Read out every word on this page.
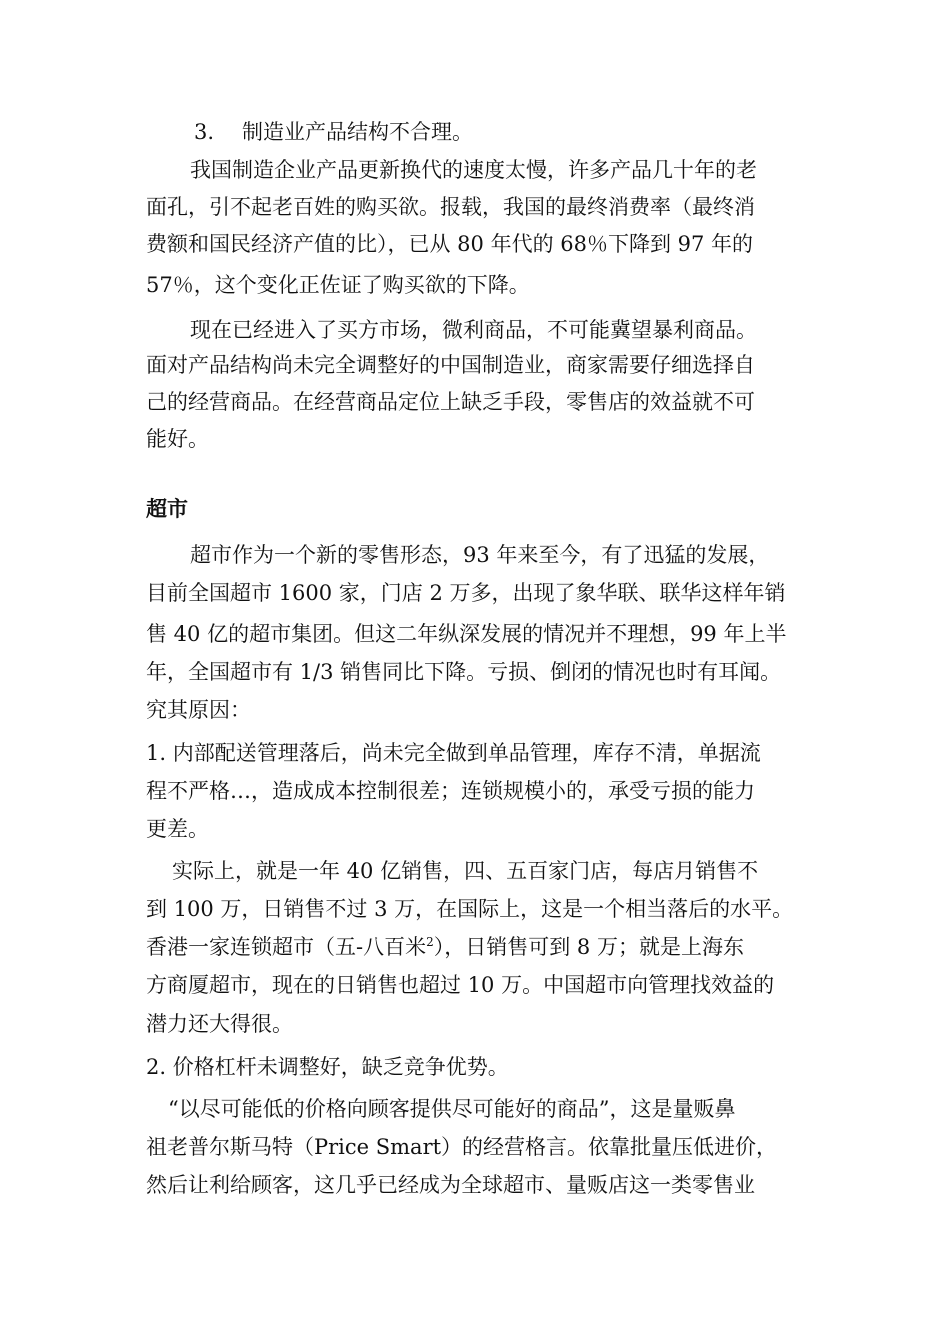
3. 制造业产品结构不合理。
我国制造企业产品更新换代的速度太慢，许多产品几十年的老
面孔，引不起老百姓的购买欲。报载，我国的最终消费率（最终消
费额和国民经济产值的比），已从 80 年代的 68％下降到 97 年的
57％，这个变化正佐证了购买欲的下降。
现在已经进入了买方市场，微利商品，不可能冀望暴利商品。
面对产品结构尚未完全调整好的中国制造业，商家需要仔细选择自
己的经营商品。在经营商品定位上缺乏手段，零售店的效益就不可
能好。
超市
超市作为一个新的零售形态，93 年来至今，有了迅猛的发展，
目前全国超市 1600 家，门店 2 万多，出现了象华联、联华这样年销
售 40 亿的超市集团。但这二年纵深发展的情况并不理想，99 年上半
年，全国超市有 1/3 销售同比下降。亏损、倒闭的情况也时有耳闻。
究其原因：
1. 内部配送管理落后，尚未完全做到单品管理，库存不清，单据流
程不严格…，造成成本控制很差；连锁规模小的，承受亏损的能力
更差。
实际上，就是一年 40 亿销售，四、五百家门店，每店月销售不
到 100 万，日销售不过 3 万，在国际上，这是一个相当落后的水平。
香港一家连锁超市（五-八百米$^2$），日销售可到 8 万；就是上海东
方商厦超市，现在的日销售也超过 10 万。中国超市向管理找效益的
潜力还大得很。
2. 价格杠杆未调整好，缺乏竞争优势。
“以尽可能低的价格向顾客提供尽可能好的商品”，这是量贩鼻
祖老普尔斯马特（Price Smart）的经营格言。依靠批量压低进价，
然后让利给顾客，这几乎已经成为全球超市、量贩店这一类零售业
